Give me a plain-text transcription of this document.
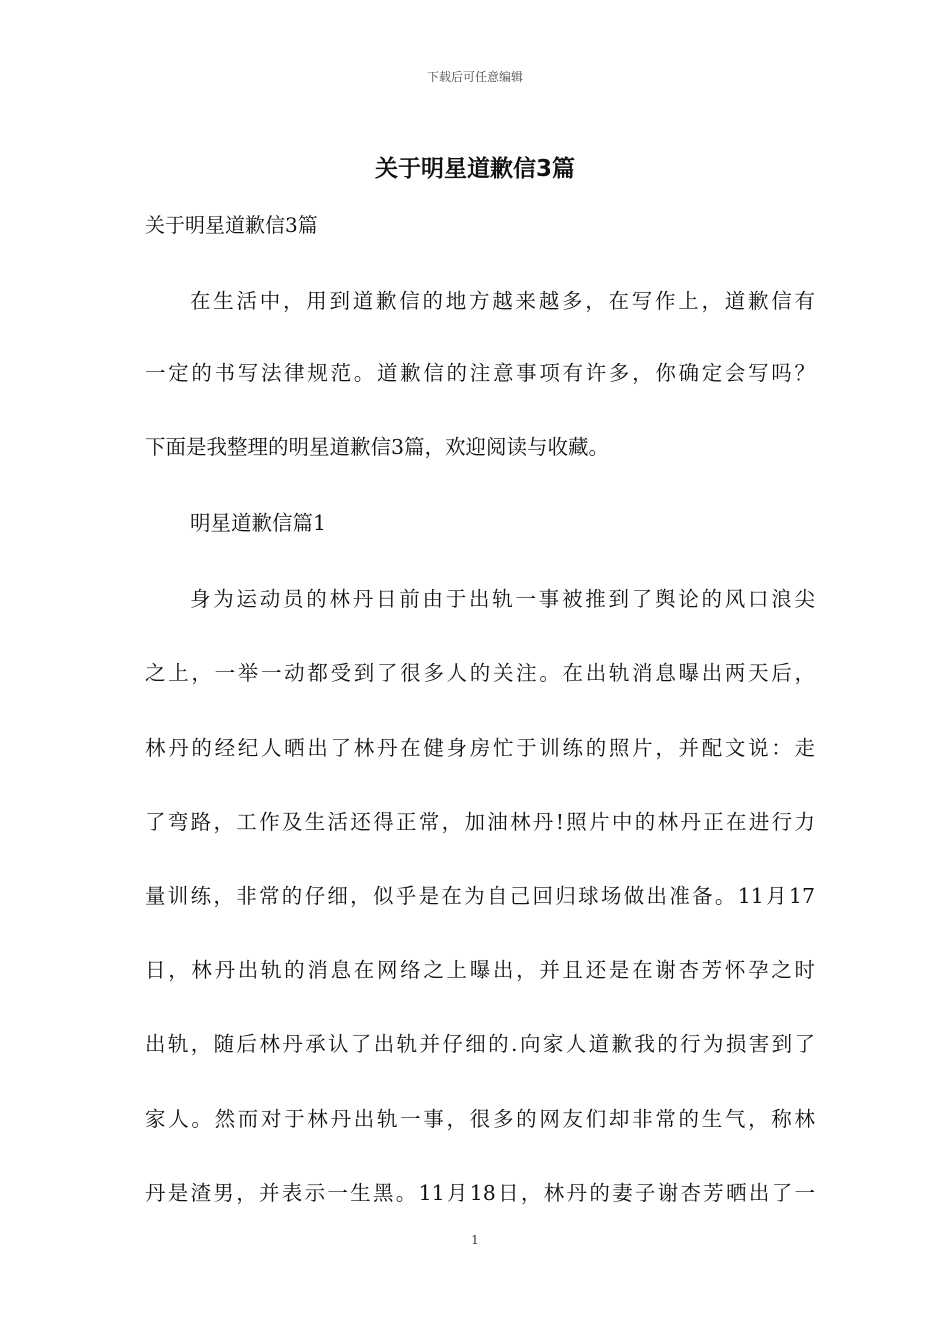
下载后可任意编辑
关于明星道歉信3篇
关于明星道歉信3篇
在生活中，用到道歉信的地方越来越多，在写作上，道歉信有
一定的书写法律规范。道歉信的注意事项有许多，你确定会写吗？
下面是我整理的明星道歉信3篇，欢迎阅读与收藏。
明星道歉信篇1
身为运动员的林丹日前由于出轨一事被推到了舆论的风口浪尖
之上，一举一动都受到了很多人的关注。在出轨消息曝出两天后，
林丹的经纪人晒出了林丹在健身房忙于训练的照片，并配文说：走
了弯路，工作及生活还得正常，加油林丹!照片中的林丹正在进行力
量训练，非常的仔细，似乎是在为自己回归球场做出准备。11月17
日，林丹出轨的消息在网络之上曝出，并且还是在谢杏芳怀孕之时
出轨，随后林丹承认了出轨并仔细的.向家人道歉我的行为损害到了
家人。然而对于林丹出轨一事，很多的网友们却非常的生气，称林
丹是渣男，并表示一生黑。11月18日，林丹的妻子谢杏芳晒出了一
1
